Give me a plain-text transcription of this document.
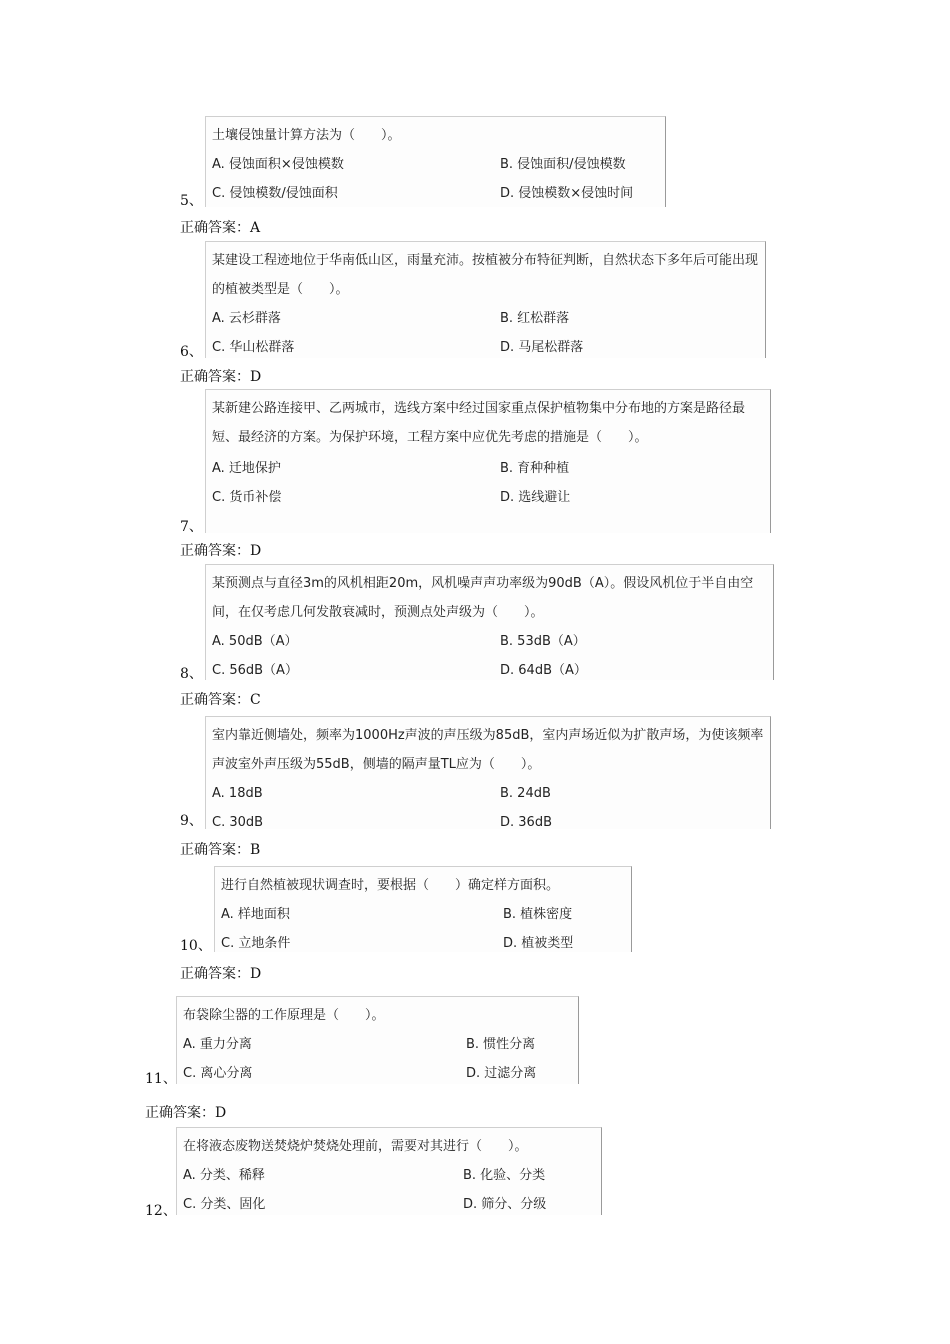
土壤侵蚀量计算方法为（　　）。
A. 侵蚀面积×侵蚀模数	B. 侵蚀面积/侵蚀模数
C. 侵蚀模数/侵蚀面积	D. 侵蚀模数×侵蚀时间
5、
正确答案：A
某建设工程迹地位于华南低山区，雨量充沛。按植被分布特征判断，自然状态下多年后可能出现的植被类型是（　　）。
A. 云杉群落	B. 红松群落
C. 华山松群落	D. 马尾松群落
6、
正确答案：D
某新建公路连接甲、乙两城市，选线方案中经过国家重点保护植物集中分布地的方案是路径最短、最经济的方案。为保护环境，工程方案中应优先考虑的措施是（　　）。
A. 迁地保护	B. 育种种植
C. 货币补偿	D. 选线避让
7、
正确答案：D
某预测点与直径3m的风机相距20m，风机噪声声功率级为90dB（A）。假设风机位于半自由空间，在仅考虑几何发散衰减时，预测点处声级为（　　）。
A. 50dB（A）	B. 53dB（A）
C. 56dB（A）	D. 64dB（A）
8、
正确答案：C
室内靠近侧墙处，频率为1000Hz声波的声压级为85dB，室内声场近似为扩散声场，为使该频率声波室外声压级为55dB，侧墙的隔声量TL应为（　　）。
A. 18dB	B. 24dB
C. 30dB	D. 36dB
9、
正确答案：B
进行自然植被现状调查时，要根据（　　）确定样方面积。
A. 样地面积	B. 植株密度
C. 立地条件	D. 植被类型
10、
正确答案：D
布袋除尘器的工作原理是（　　）。
A. 重力分离	B. 惯性分离
C. 离心分离	D. 过滤分离
11、
正确答案：D
在将液态废物送焚烧炉焚烧处理前，需要对其进行（　　）。
A. 分类、稀释	B. 化验、分类
C. 分类、固化	D. 筛分、分级
12、
